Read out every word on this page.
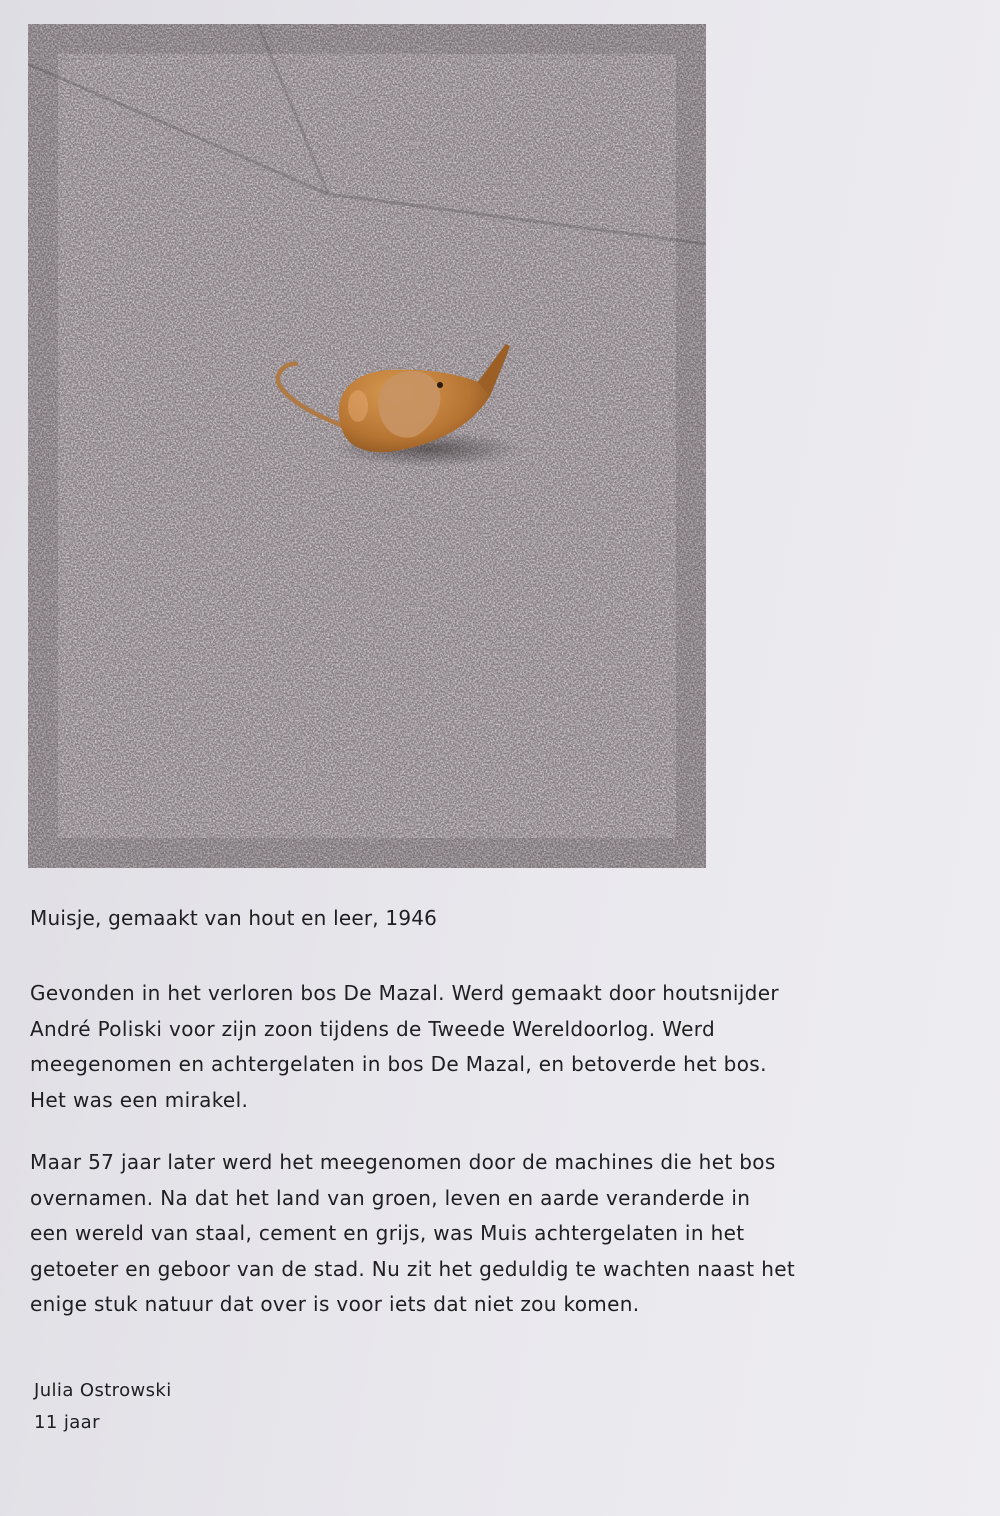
Muisje, gemaakt van hout en leer, 1946

Gevonden in het verloren bos De Mazal. Werd gemaakt door houtsnijder
André Poliski voor zijn zoon tijdens de Tweede Wereldoorlog. Werd
meegenomen en achtergelaten in bos De Mazal, en betoverde het bos.
Het was een mirakel.

Maar 57 jaar later werd het meegenomen door de machines die het bos
overnamen. Na dat het land van groen, leven en aarde veranderde in
een wereld van staal, cement en grijs, was Muis achtergelaten in het
getoeter en geboor van de stad. Nu zit het geduldig te wachten naast het
enige stuk natuur dat over is voor iets dat niet zou komen.

Julia Ostrowski
11 jaar
